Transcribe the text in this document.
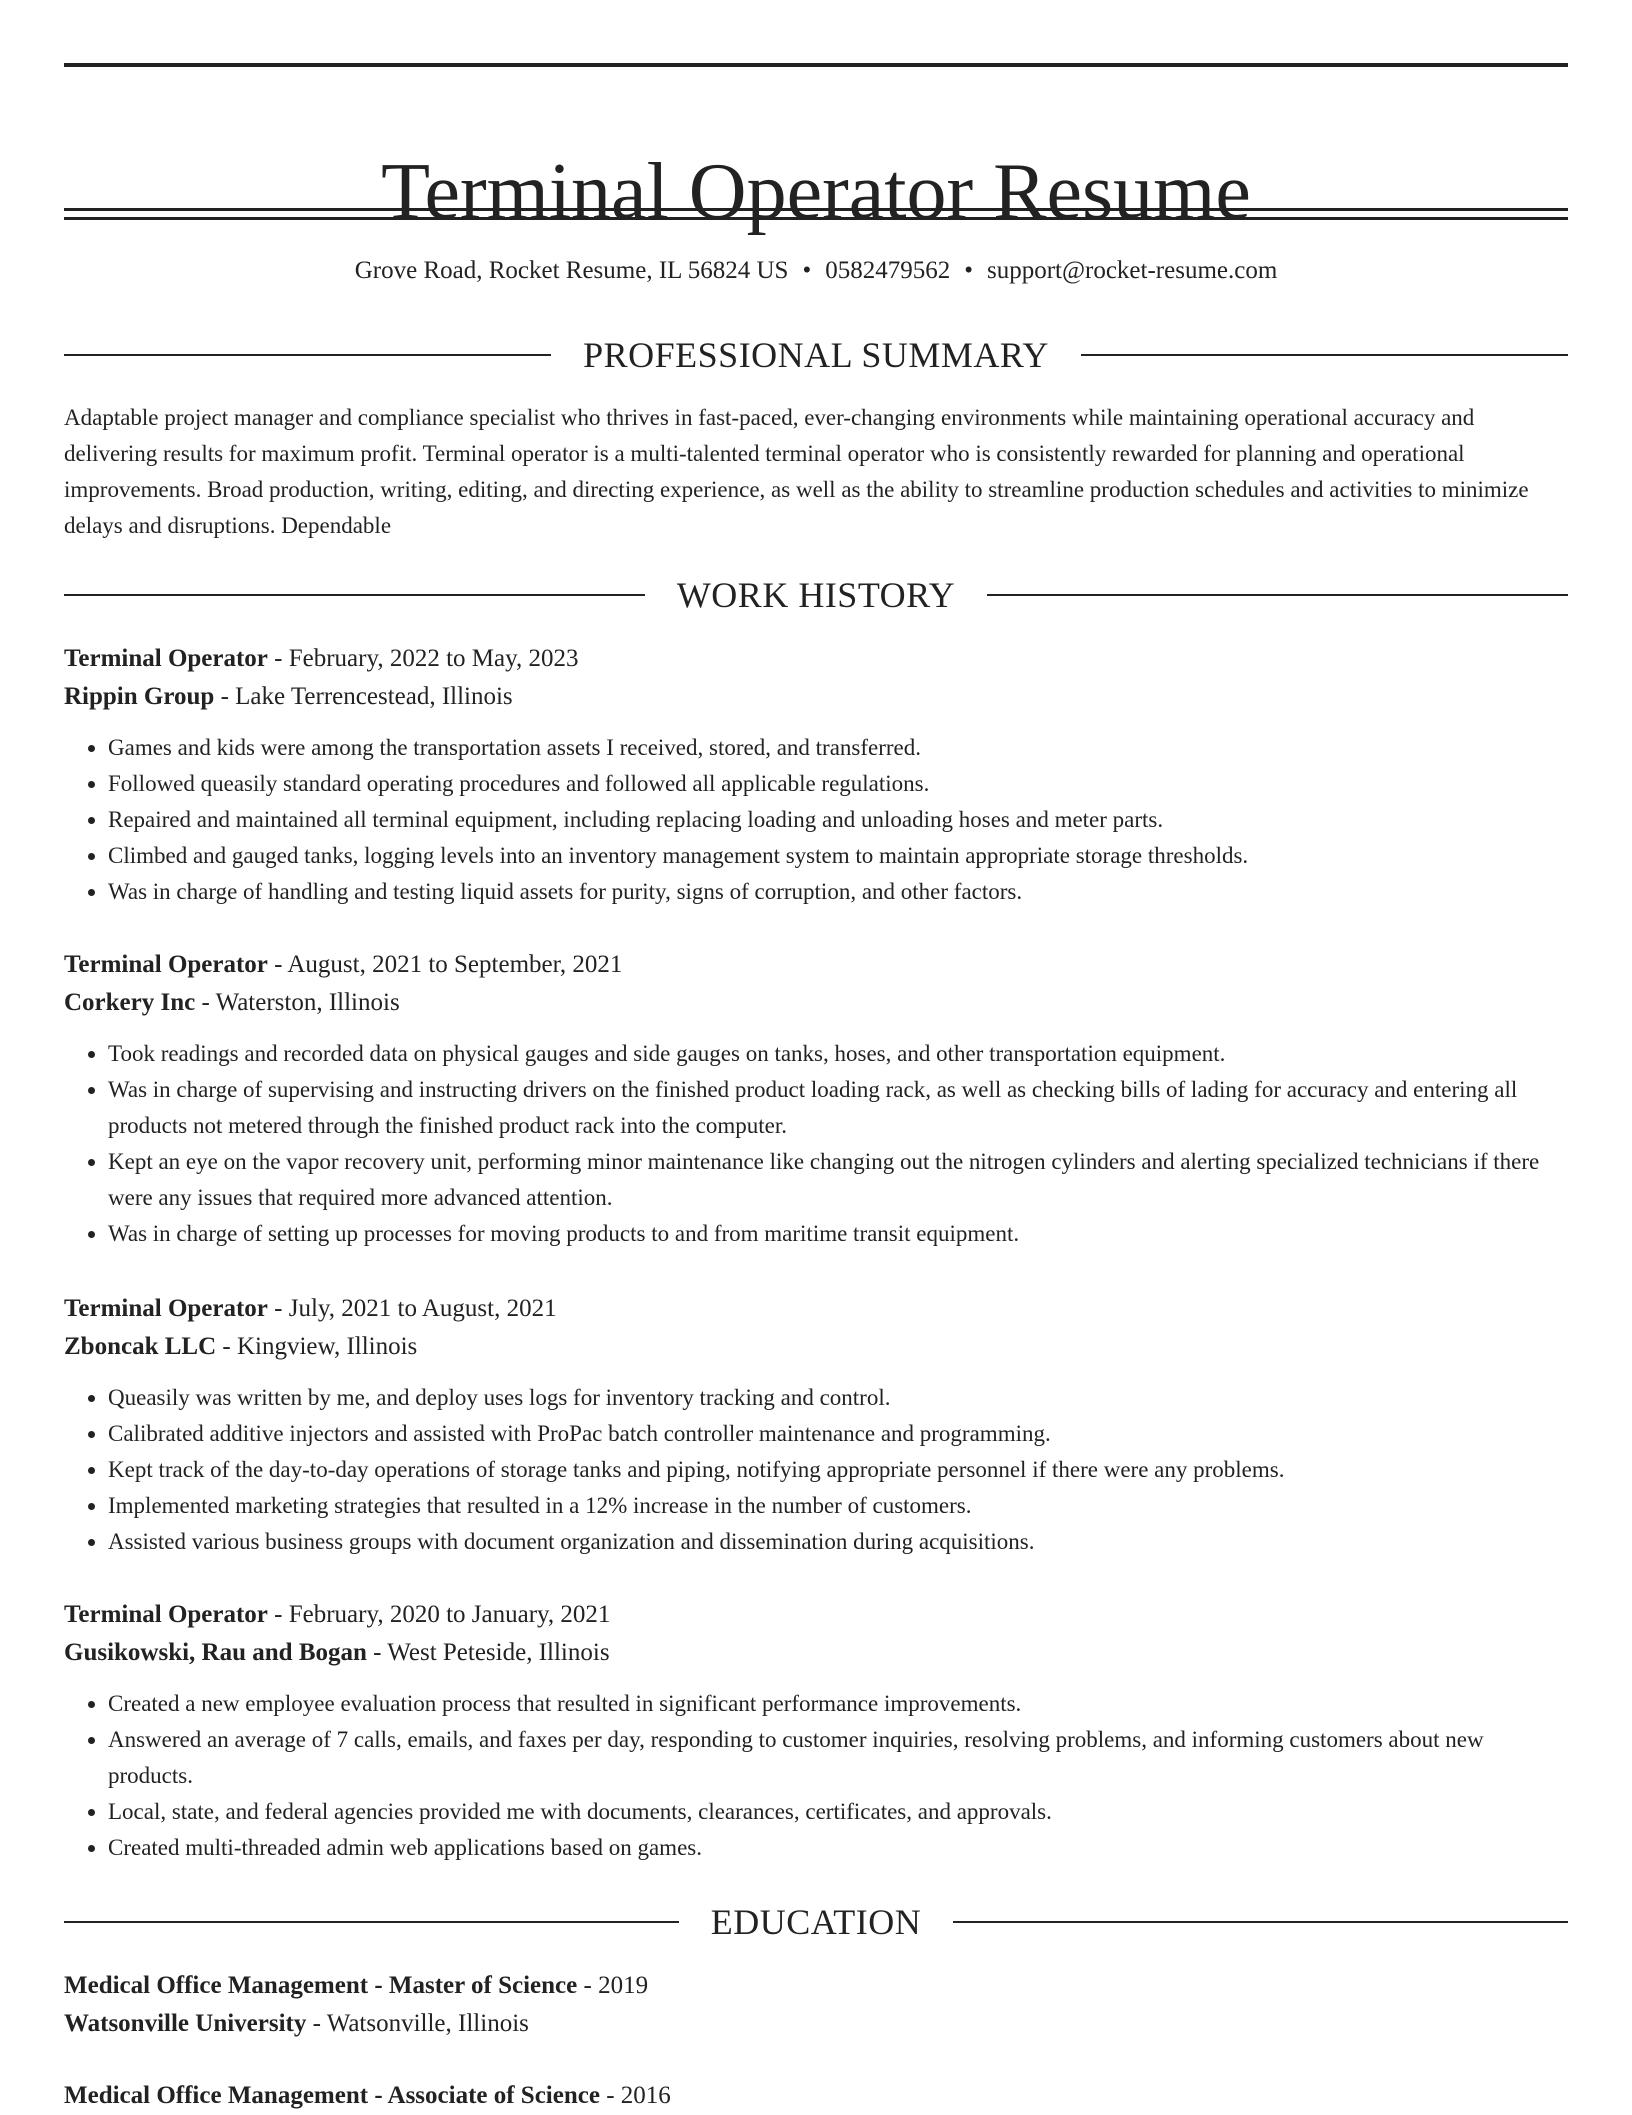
Terminal Operator Resume
Grove Road, Rocket Resume, IL 56824 US • 0582479562 • support@rocket-resume.com
PROFESSIONAL SUMMARY

Adaptable project manager and compliance specialist who thrives in fast-paced, ever-changing environments while maintaining operational accuracy and delivering results for maximum profit. Terminal operator is a multi-talented terminal operator who is consistently rewarded for planning and operational improvements. Broad production, writing, editing, and directing experience, as well as the ability to streamline production schedules and activities to minimize delays and disruptions. Dependable

WORK HISTORY

Terminal Operator - February, 2022 to May, 2023

Rippin Group - Lake Terrencestead, Illinois

• Games and kids were among the transportation assets I received, stored, and transferred.
• Followed queasily standard operating procedures and followed all applicable regulations.
• Repaired and maintained all terminal equipment, including replacing loading and unloading hoses and meter parts.
• Climbed and gauged tanks, logging levels into an inventory management system to maintain appropriate storage thresholds.
• Was in charge of handling and testing liquid assets for purity, signs of corruption, and other factors.

Terminal Operator - August, 2021 to September, 2021

Corkery Inc - Waterston, Illinois

• Took readings and recorded data on physical gauges and side gauges on tanks, hoses, and other transportation equipment.
• Was in charge of supervising and instructing drivers on the finished product loading rack, as well as checking bills of lading for accuracy and entering all products not metered through the finished product rack into the computer.
• Kept an eye on the vapor recovery unit, performing minor maintenance like changing out the nitrogen cylinders and alerting specialized technicians if there were any issues that required more advanced attention.
• Was in charge of setting up processes for moving products to and from maritime transit equipment.

Terminal Operator - July, 2021 to August, 2021

Zboncak LLC - Kingview, Illinois

• Queasily was written by me, and deploy uses logs for inventory tracking and control.
• Calibrated additive injectors and assisted with ProPac batch controller maintenance and programming.
• Kept track of the day-to-day operations of storage tanks and piping, notifying appropriate personnel if there were any problems.
• Implemented marketing strategies that resulted in a 12% increase in the number of customers.
• Assisted various business groups with document organization and dissemination during acquisitions.

Terminal Operator - February, 2020 to January, 2021

Gusikowski, Rau and Bogan - West Peteside, Illinois

• Created a new employee evaluation process that resulted in significant performance improvements.
• Answered an average of 7 calls, emails, and faxes per day, responding to customer inquiries, resolving problems, and informing customers about new products.
• Local, state, and federal agencies provided me with documents, clearances, certificates, and approvals.
• Created multi-threaded admin web applications based on games.
EDUCATION

Medical Office Management - Master of Science - 2019

Watsonville University - Watsonville, Illinois

Medical Office Management - Associate of Science - 2016
